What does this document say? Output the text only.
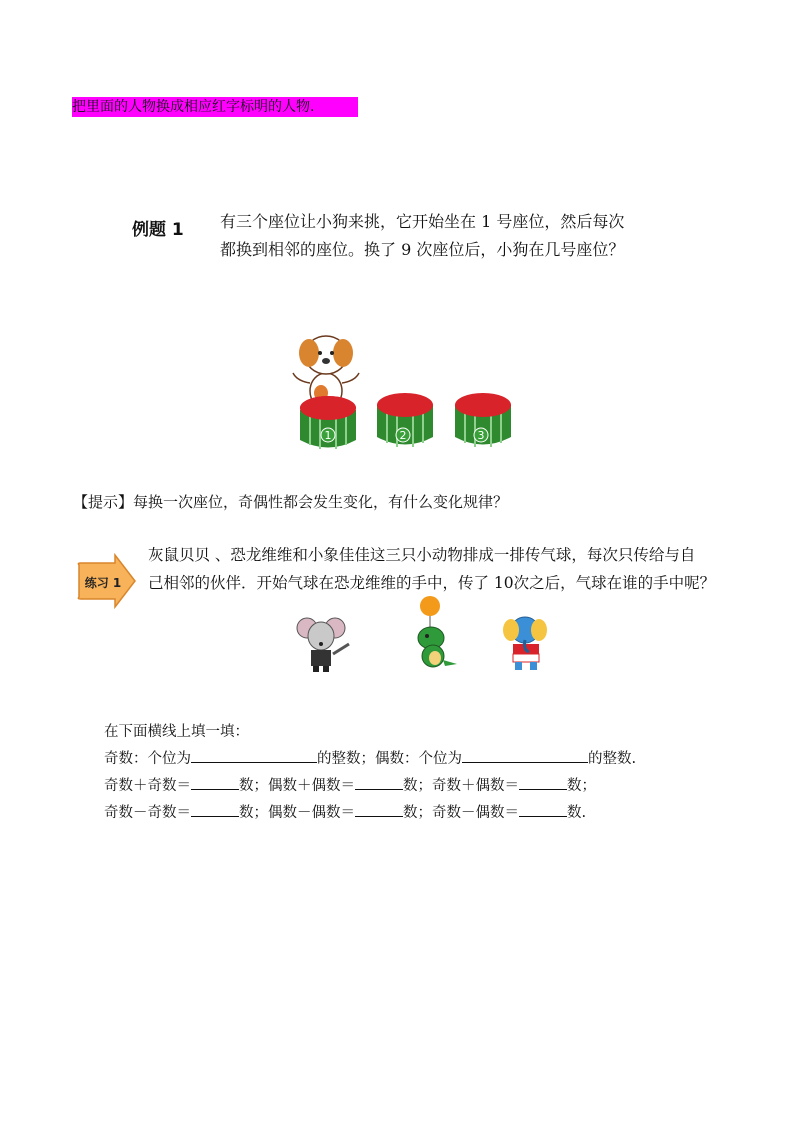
把里面的人物换成相应红字标明的人物.
例题 1 有三个座位让小狗来挑，它开始坐在 1 号座位，然后每次
都换到相邻的座位。换了 9 次座位后，小狗在几号座位？
1	2	3
【提示】每换一次座位，奇偶性都会发生变化，有什么变化规律？
练习 1
灰鼠贝贝 、恐龙维维和小象佳佳这三只小动物排成一排传气球，每次只传给与自
己相邻的伙伴．开始气球在恐龙维维的手中，传了 10次之后，气球在谁的手中呢？
在下面横线上填一填：
奇数：个位为	的整数；偶数：个位为	的整数.
奇数＋奇数＝	数；偶数＋偶数＝	数；奇数＋偶数＝	数；
奇数－奇数＝	数；偶数－偶数＝	数；奇数－偶数＝	数.
